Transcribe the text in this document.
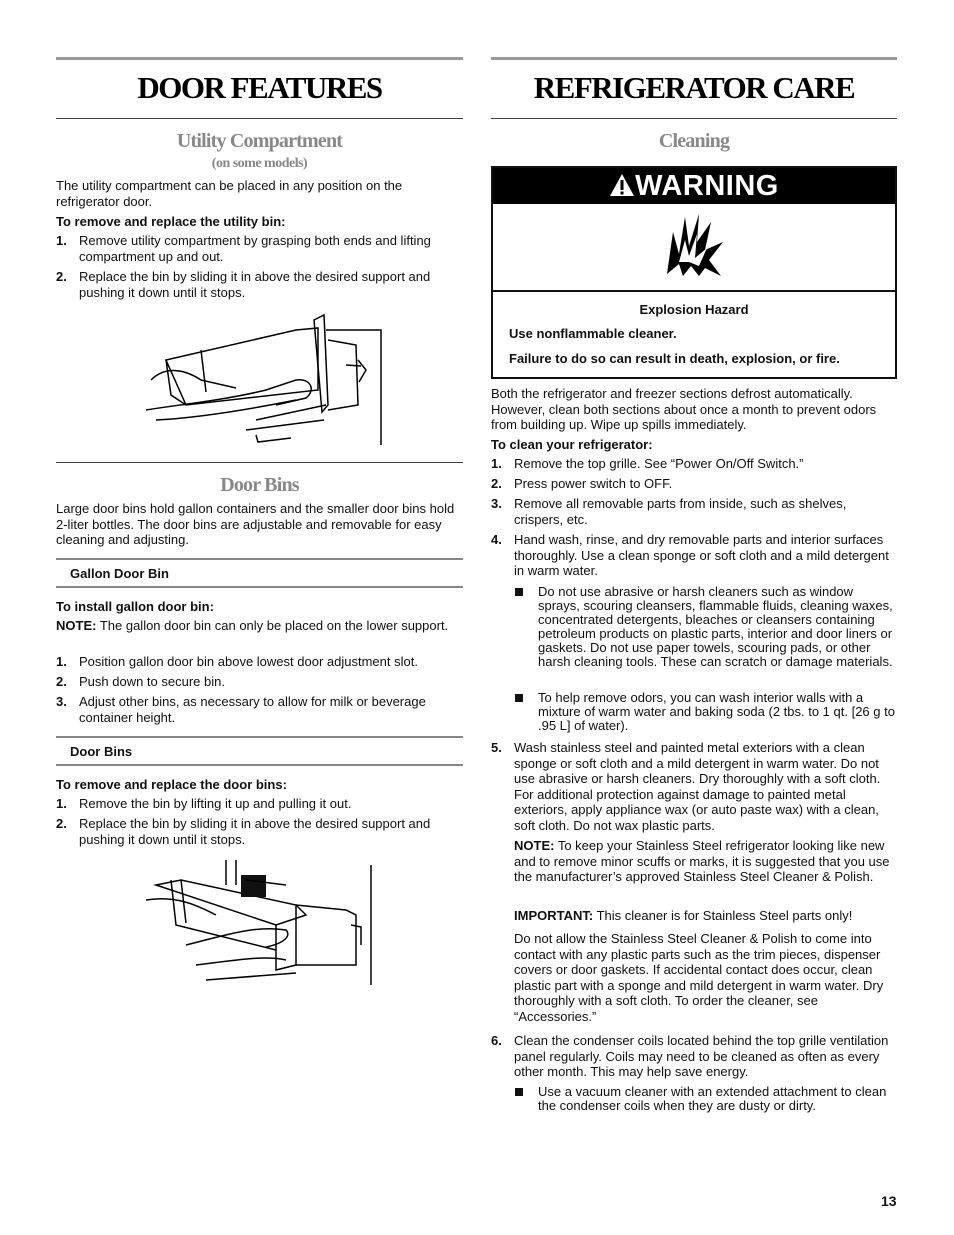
DOOR FEATURES
Utility Compartment
(on some models)
The utility compartment can be placed in any position on the refrigerator door.
To remove and replace the utility bin:
1. Remove utility compartment by grasping both ends and lifting compartment up and out.
2. Replace the bin by sliding it in above the desired support and pushing it down until it stops.
Door Bins
Large door bins hold gallon containers and the smaller door bins hold 2-liter bottles. The door bins are adjustable and removable for easy cleaning and adjusting.
Gallon Door Bin
To install gallon door bin:
NOTE: The gallon door bin can only be placed on the lower support.
1. Position gallon door bin above lowest door adjustment slot.
2. Push down to secure bin.
3. Adjust other bins, as necessary to allow for milk or beverage container height.
Door Bins
To remove and replace the door bins:
1. Remove the bin by lifting it up and pulling it out.
2. Replace the bin by sliding it in above the desired support and pushing it down until it stops.
REFRIGERATOR CARE
Cleaning
WARNING
Explosion Hazard
Use nonflammable cleaner.
Failure to do so can result in death, explosion, or fire.
Both the refrigerator and freezer sections defrost automatically. However, clean both sections about once a month to prevent odors from building up. Wipe up spills immediately.
To clean your refrigerator:
1. Remove the top grille. See “Power On/Off Switch.”
2. Press power switch to OFF.
3. Remove all removable parts from inside, such as shelves, crispers, etc.
4. Hand wash, rinse, and dry removable parts and interior surfaces thoroughly. Use a clean sponge or soft cloth and a mild detergent in warm water.
Do not use abrasive or harsh cleaners such as window sprays, scouring cleansers, flammable fluids, cleaning waxes, concentrated detergents, bleaches or cleansers containing petroleum products on plastic parts, interior and door liners or gaskets. Do not use paper towels, scouring pads, or other harsh cleaning tools. These can scratch or damage materials.
To help remove odors, you can wash interior walls with a mixture of warm water and baking soda (2 tbs. to 1 qt. [26 g to .95 L] of water).
5. Wash stainless steel and painted metal exteriors with a clean sponge or soft cloth and a mild detergent in warm water. Do not use abrasive or harsh cleaners. Dry thoroughly with a soft cloth. For additional protection against damage to painted metal exteriors, apply appliance wax (or auto paste wax) with a clean, soft cloth. Do not wax plastic parts.
NOTE: To keep your Stainless Steel refrigerator looking like new and to remove minor scuffs or marks, it is suggested that you use the manufacturer’s approved Stainless Steel Cleaner & Polish.
IMPORTANT: This cleaner is for Stainless Steel parts only!
Do not allow the Stainless Steel Cleaner & Polish to come into contact with any plastic parts such as the trim pieces, dispenser covers or door gaskets. If accidental contact does occur, clean plastic part with a sponge and mild detergent in warm water. Dry thoroughly with a soft cloth. To order the cleaner, see “Accessories.”
6. Clean the condenser coils located behind the top grille ventilation panel regularly. Coils may need to be cleaned as often as every other month. This may help save energy.
Use a vacuum cleaner with an extended attachment to clean the condenser coils when they are dusty or dirty.
13
